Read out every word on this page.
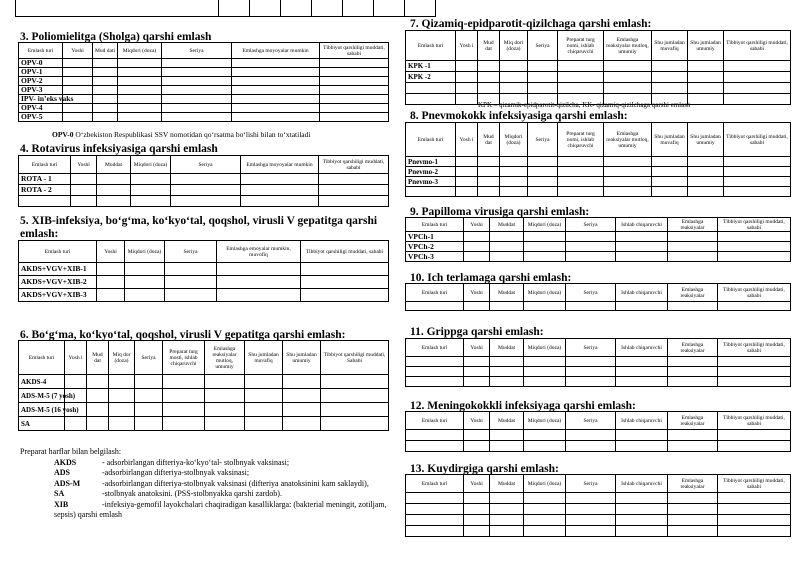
3. Poliomielitga (Sholga) qarshi emlash
Emlash turi	Yoshi	Mud dati	Miqdori (doza)	Seriya	Emlashga moyoyalar mumkin	Tibbiyot qarshiligi muddati, sababi
OPV-0						
OPV-1						
OPV-2						
OPV-3						
IPV- in’eks vaks						
OPV-4						
OPV-5						
OPV-0 O‘zbekiston Respublikasi SSV nomotidan qo‘rsatma bo‘lishi bilan to‘xtatiladi
4. Rotavirus infeksiyasiga qarshi emlash
Emlash turi	Yoshi	Muddat	Miqdori (doza)	Seriya	Emlashga moyoyalar mumkin	Tibbiyot qarshiligi muddati, sababi
ROTA - 1						
ROTA - 2						

5. XIB-infeksiya, bo‘g‘ma, ko‘kyo‘tal, qoqshol, virusli V gepatitga qarshi emlash:
Emlash turi	Yoshi	Miqdori (doza)	Seriya	Emlashga emoyalar mumkin, muvofiq	Tibbiyot qarshiligi muddati, sababi
AKDS+VGV+XIB-1					
AKDS+VGV+XIB-2					
AKDS+VGV+XIB-3					
6. Bo‘g‘ma, ko‘kyo‘tal, qoqshol, virusli V gepatitga qarshi emlash:
Emlash turi	Yosh i	Mud dat	Miq dor (doza)	Seriya	Preparat turg mosti, ishlab chiqaruvchi	Emlashga reaksiyalar mutloq, umumiy	Shu jumladan muvafiq	Shu jumladan umumiy	Tibbiyot qarshiligi muddati, Sababi
AKDS-4									
ADS-M-5 (7 yosh)									
ADS-M-5 (16 yosh)									
SA									
Preparat harflar bilan belgilash:
AKDS	- adsorbirlangan difteriya-ko‘kyo‘tal- stolbnyak vaksinasi;
ADS	-adsorbirlangan difteriya-stolbnyak vaksinasi;
ADS-M	-adsorbirlangan difteriya-stolbnyak vaksinasi (difteriya anatoksinini kam saklaydi),
SA	-stolbnyak anatoksini. (PSS-stolbnyakka qarshi zardob).
XIB	-infeksiya-gemofil layokchalari chaqiradigan kasalliklarga: (bakterial meningit, zotiljam, sepsis) qarshi emlash
7. Qizamiq-epidparotit-qizilchaga qarshi emlash:
Emlash turi	Yosh i	Mud dat	Miq dori (doza)	Seriya	Preparat turg nomi, ishlab chiqaruvchi	Emlashga reaksiyalar mutloq, umumiy	Shu jumladan muvafiq	Shu jumladan umumiy	Tibbiyot qarshiligi muddati, sababi
KPK -1									
KPK -2									

KPK – qizamik-epidparotit-qizilcha, KK- qizamiq-qizilchaga qarshi emlash
8. Pnevmokokk infeksiyasiga qarshi emlash:
Emlash turi	Yosh i	Mud dat	Miqdori (doza)	Seriya	Preparat turg nomi, ishlab chiqaruvchi	Emlashga reaksiyalar mutloq, umumiy	Shu jumladan muvafiq	Shu jumladan umumiy	Tibbiyot qarshiligi muddati, sababi
Pnevmo-1									
Pnevmo-2									
Pnevmo-3									

9. Papilloma virusiga qarshi emlash:
Emlash turi	Yoshi	Muddat	Miqdori (doza)	Seriya	Ishlab chiqaruvchi	Emlashga reaksiyalar	Tibbiyot qarshiligi muddati, sababi
VPCh-1							
VPCh-2							
VPCh-3							
10. Ich terlamaga qarshi emlash:
Emlash turi	Yoshi	Muddat	Miqdori (doza)	Seriya	Ishlab chiqaruvchi	Emlashga reaksiyalar	Tibbiyot qarshiligi muddati, sababi

11. Grippga qarshi emlash:
Emlash turi	Yoshi	Muddat	Miqdori (doza)	Seriya	Ishlab chiqaruvchi	Emlashga reaksiyalar	Tibbiyot qarshiligi muddati, sababi

12. Meningokokkli infeksiyaga qarshi emlash:
Emlash turi	Yoshi	Muddat	Miqdori (doza)	Seriya	Ishlab chiqaruvchi	Emlashga reaksiyalar	Tibbiyot qarshiligi muddati, sababi

13. Kuydirgiga qarshi emlash:
Emlash turi	Yoshi	Muddat	Miqdori (doza)	Seriya	Ishlab chiqaruvchi	Emlashga reaksiyalar	Tibbiyot qarshiligi muddati, sababi
